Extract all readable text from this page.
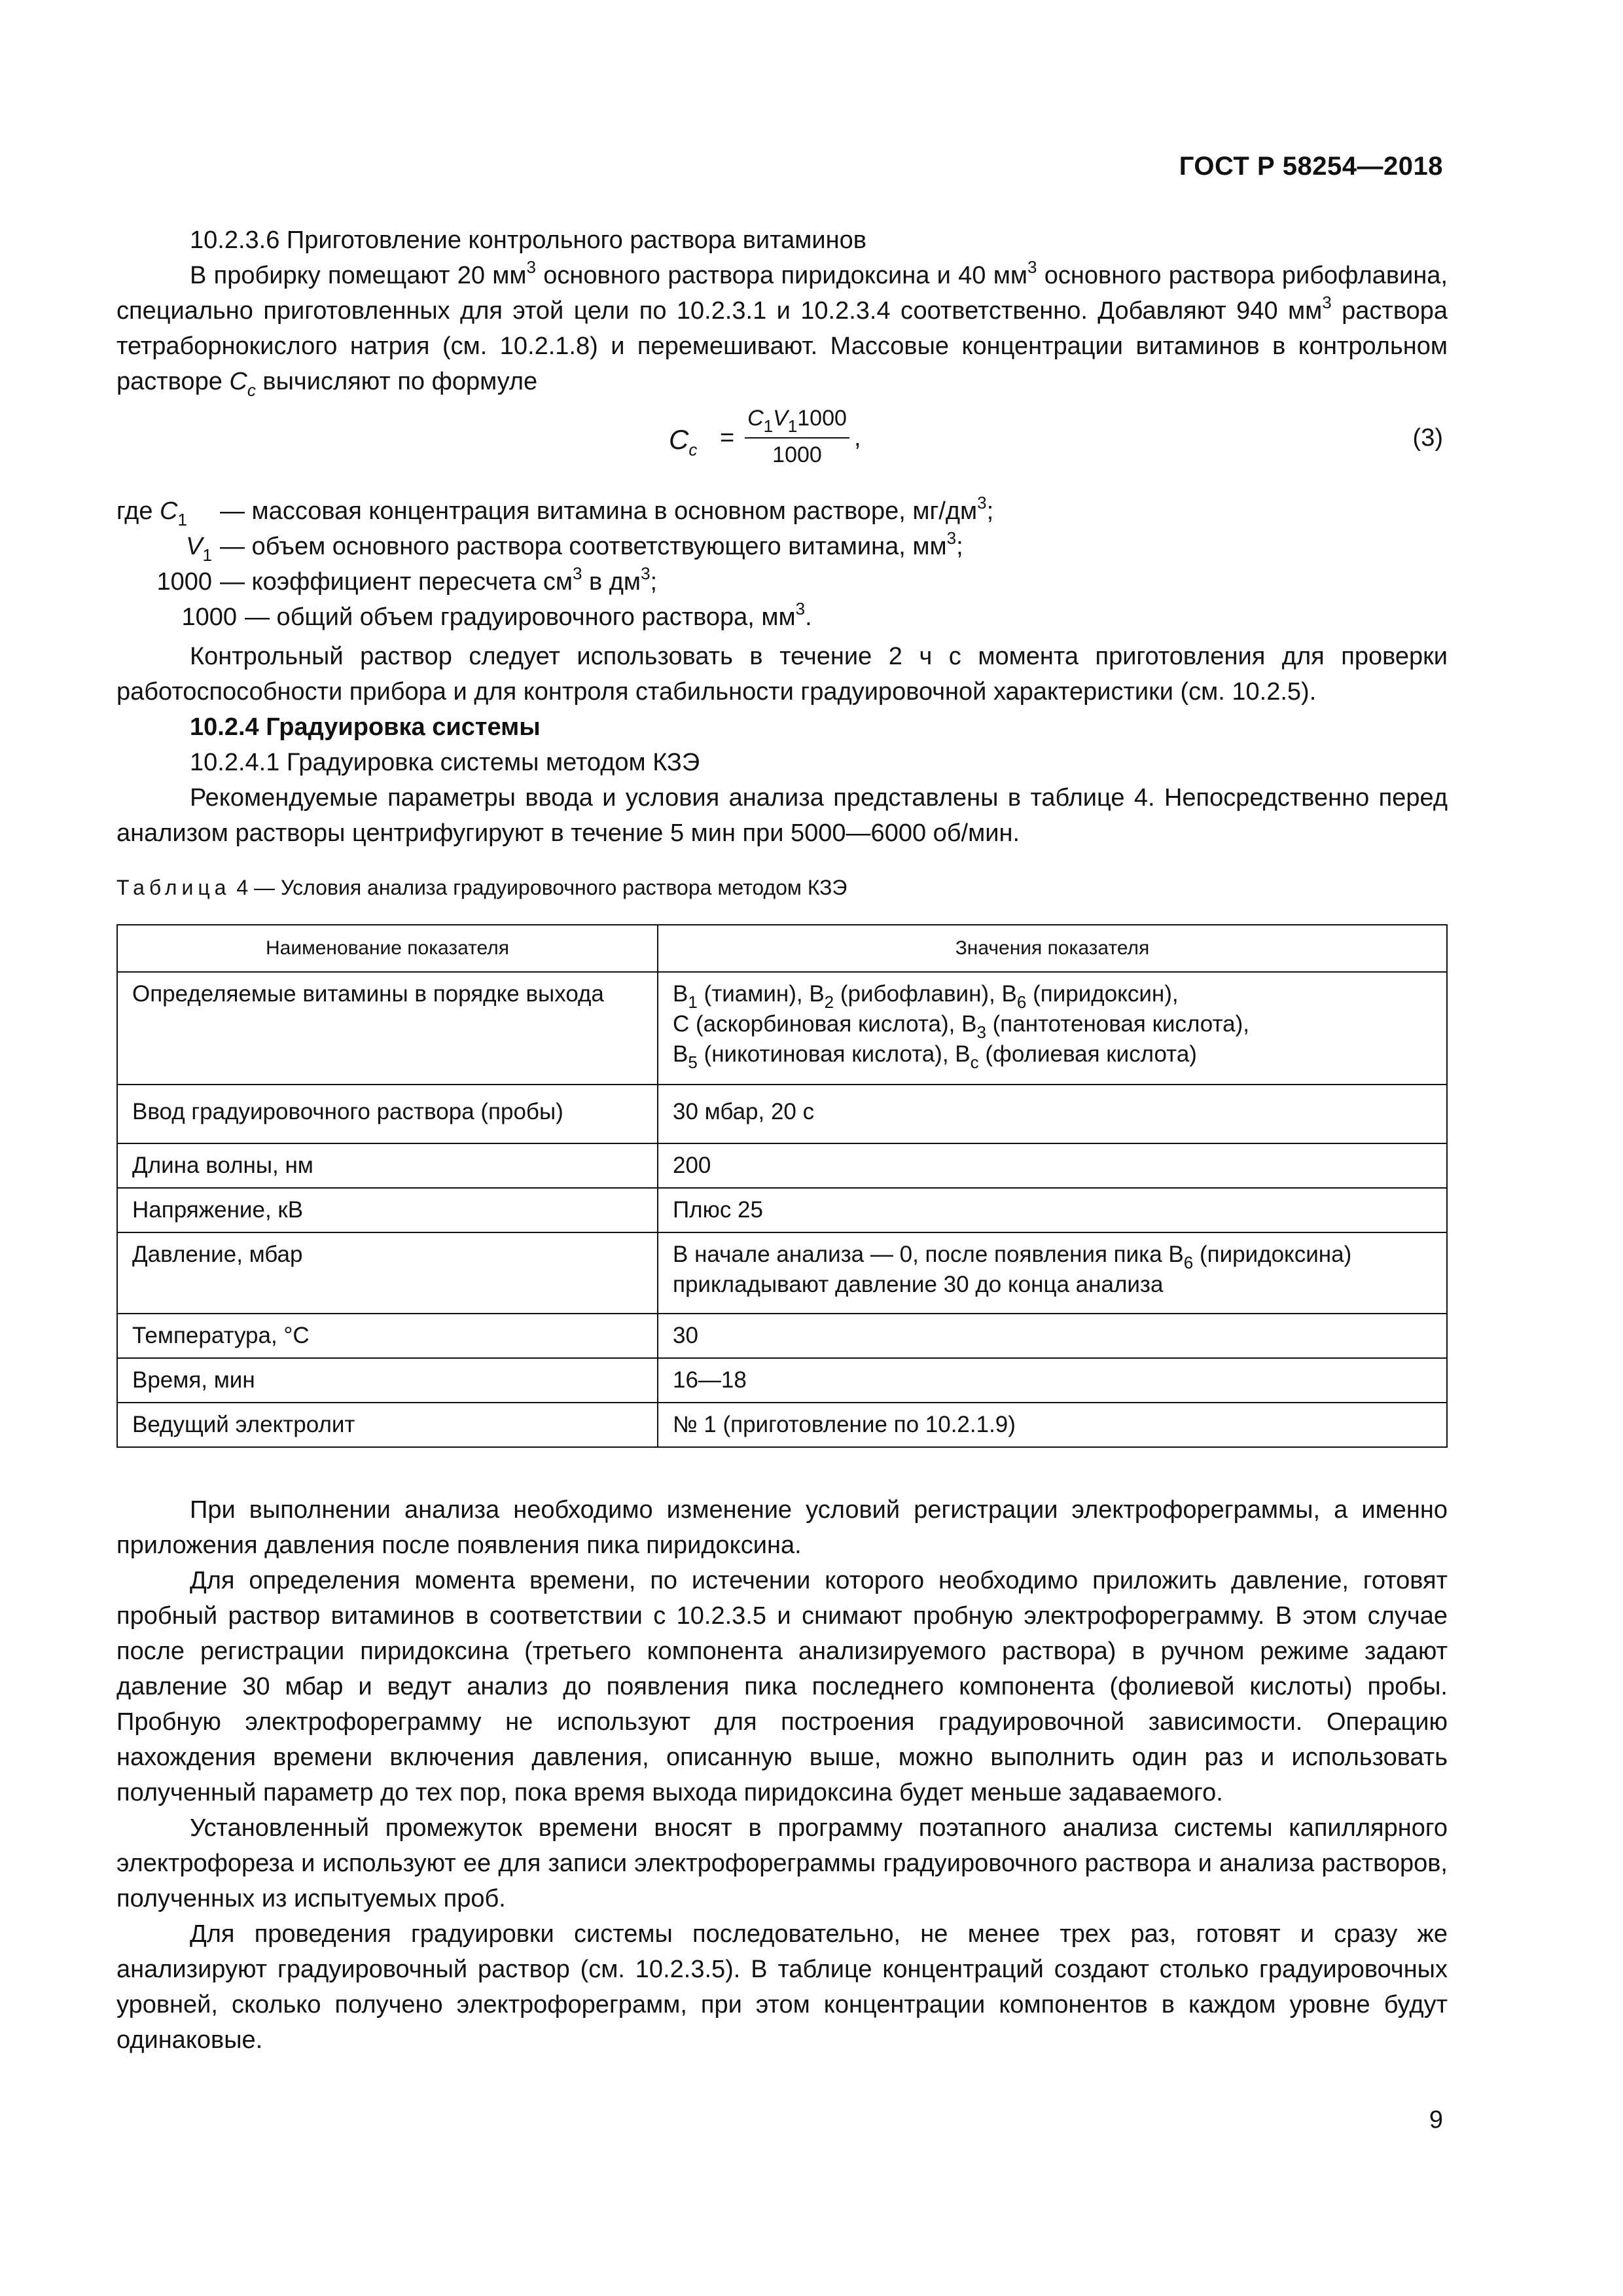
ГОСТ Р 58254—2018

10.2.3.6 Приготовление контрольного раствора витаминов

В пробирку помещают 20 $мм^3$ основного раствора пиридоксина и 40 $мм^3$ основного раствора рибофлавина, специально приготовленных для этой цели по 10.2.3.1 и 10.2.3.4 соответственно. Добавляют 940 $мм^3$ раствора тетраборнокислого натрия (см. 10.2.1.8) и перемешивают. Массовые концентрации витаминов в контрольном растворе $C_c$ вычисляют по формуле

$C_c$ =
$C_1V_11000$
1000
,	(3)
где $C_1$	— массовая концентрация витамина в основном растворе, $мг/дм^3$;
$V_1$ — объем основного раствора соответствующего витамина, $мм^3$;
1000 — коэффициент пересчета $см^3$ в $дм^3$;
1000 — общий объем градуировочного раствора, $мм^3$.

Контрольный раствор следует использовать в течение 2 ч с момента приготовления для проверки работоспособности прибора и для контроля стабильности градуировочной характеристики (см. 10.2.5).

10.2.4 Градуировка системы

10.2.4.1 Градуировка системы методом КЗЭ

Рекомендуемые параметры ввода и условия анализа представлены в таблице 4. Непосредственно перед анализом растворы центрифугируют в течение 5 мин при 5000—6000 об/мин.

Таблица 4 — Условия анализа градуировочного раствора методом КЗЭ
Наименование показателя	Значения показателя
Определяемые витамины в порядке выхода	$B_1$ (тиамин), $B_2$ (рибофлавин), $B_6$ (пиридоксин),
С (аскорбиновая кислота), $B_3$ (пантотеновая кислота),
$B_5$ (никотиновая кислота), $B_c$ (фолиевая кислота)

Ввод градуировочного раствора (пробы)	30 мбар, 20 с
Длина волны, нм	200
Напряжение, кВ	Плюс 25
Давление, мбар	В начале анализа — 0, после появления пика $B_6$ (пиридоксина) прикладывают давление 30 до конца анализа
Температура, °С	30
Время, мин	16—18
Ведущий электролит	№ 1 (приготовление по 10.2.1.9)

При выполнении анализа необходимо изменение условий регистрации электрофореграммы, а именно приложения давления после появления пика пиридоксина.

Для определения момента времени, по истечении которого необходимо приложить давление, готовят пробный раствор витаминов в соответствии с 10.2.3.5 и снимают пробную электрофореграмму. В этом случае после регистрации пиридоксина (третьего компонента анализируемого раствора) в ручном режиме задают давление 30 мбар и ведут анализ до появления пика последнего компонента (фолиевой кислоты) пробы. Пробную электрофореграмму не используют для построения градуировочной зависимости. Операцию нахождения времени включения давления, описанную выше, можно выполнить один раз и использовать полученный параметр до тех пор, пока время выхода пиридоксина будет меньше задаваемого.

Установленный промежуток времени вносят в программу поэтапного анализа системы капиллярного электрофореза и используют ее для записи электрофореграммы градуировочного раствора и анализа растворов, полученных из испытуемых проб.

Для проведения градуировки системы последовательно, не менее трех раз, готовят и сразу же анализируют градуировочный раствор (см. 10.2.3.5). В таблице концентраций создают столько градуировочных уровней, сколько получено электрофореграмм, при этом концентрации компонентов в каждом уровне будут одинаковые.

9
